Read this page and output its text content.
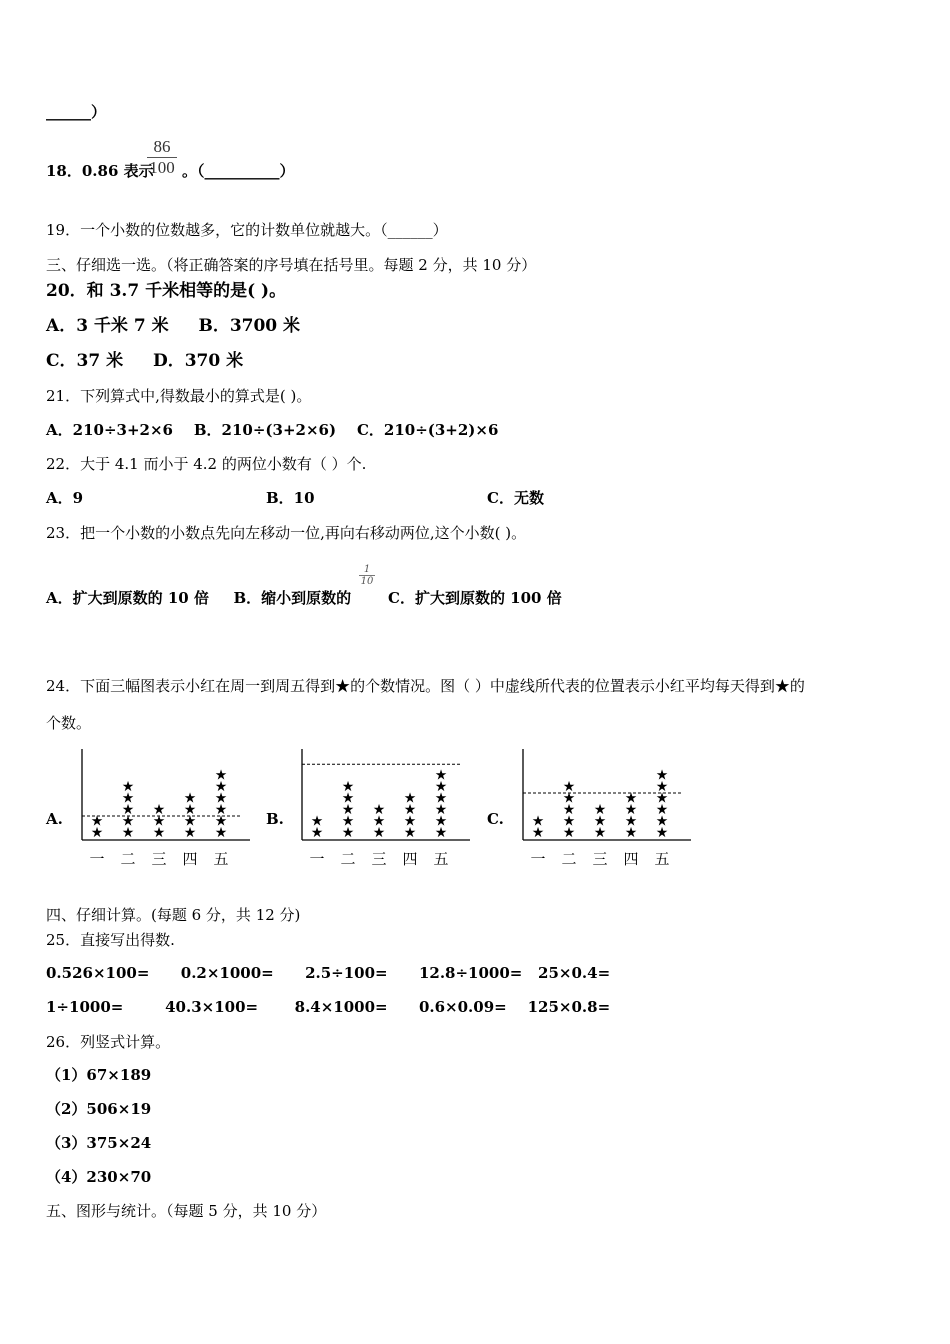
______）
18．0.86 表示
$\frac{86}{100}$ 。（__________）
19．一个小数的位数越多，它的计数单位就越大。（______）
三、仔细选一选。（将正确答案的序号填在括号里。每题 2 分，共 10 分）
20．和 3.7 千米相等的是( )。
A．3 千米 7 米 B．3700 米
C．37 米 D．370 米
21．下列算式中,得数最小的算式是( )。
A．210÷3+2×6    B．210÷(3+2×6)    C．210÷(3+2)×6
22．大于 4.1 而小于 4.2 的两位小数有（ ）个.
A．9	B．10	C．无数
23．把一个小数的小数点先向左移动一位,再向右移动两位,这个小数( )。
A．扩大到原数的 10 倍 B．缩小到原数的
$\frac{1}{10}$
C．扩大到原数的 100 倍
24．下面三幅图表示小红在周一到周五得到★的个数情况。图（ ）中虚线所代表的位置表示小红平均每天得到★的
个数。
A.
★
★
一
★
★
★
★
★
二
★
★
★
三
★
★
★
★
四
★
★
★
★
★
★
五
B.
★
★
一
★
★
★
★
★
二
★
★
★
三
★
★
★
★
四
★
★
★
★
★
★
五
C.
★
★
一
★
★
★
★
★
二
★
★
★
三
★
★
★
★
四
★
★
★
★
★
★
五
四、仔细计算。(每题 6 分，共 12 分)
25．直接写出得数.
0.526×100=      0.2×1000=      2.5÷100=      12.8÷1000=   25×0.4=
1÷1000=        40.3×100=       8.4×1000=      0.6×0.09=    125×0.8=
26．列竖式计算。
（1）67×189
（2）506×19
（3）375×24
（4）230×70
五、图形与统计。（每题 5 分，共 10 分）
